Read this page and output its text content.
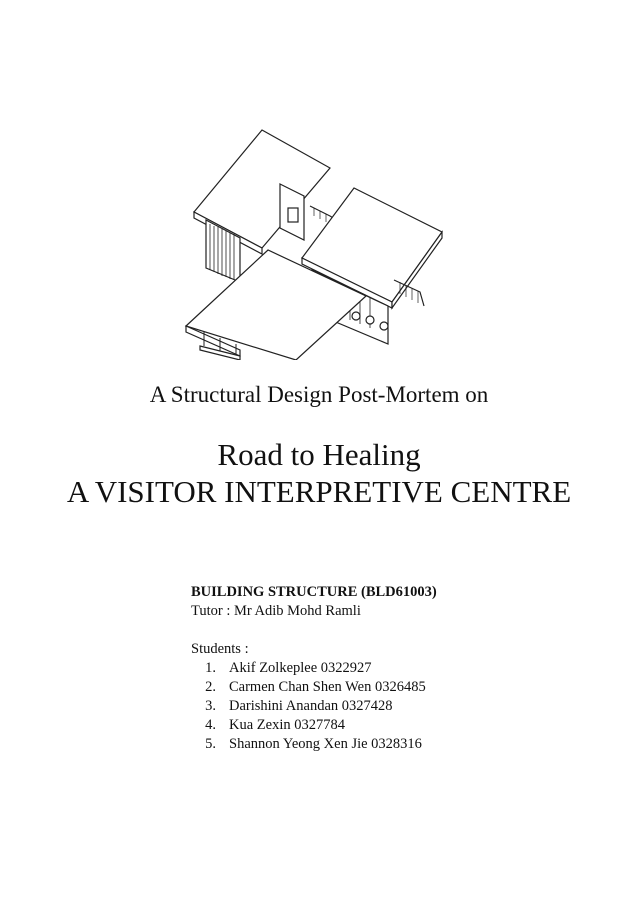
A Structural Design Post-Mortem on
Road to Healing
A VISITOR INTERPRETIVE CENTRE
BUILDING STRUCTURE (BLD61003)
Tutor : Mr Adib Mohd Ramli
Students :
1. Akif Zolkeplee 0322927
2. Carmen Chan Shen Wen 0326485
3. Darishini Anandan 0327428
4. Kua Zexin 0327784
5. Shannon Yeong Xen Jie 0328316
